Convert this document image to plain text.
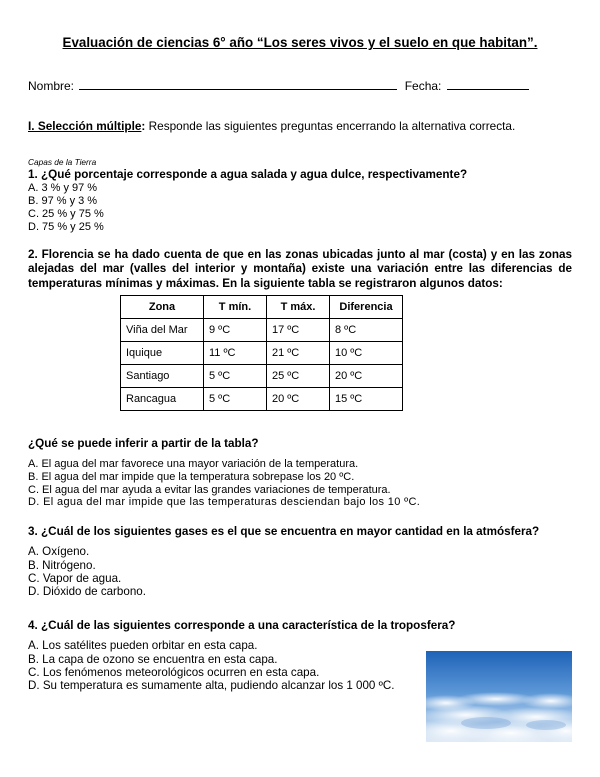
Evaluación de ciencias 6° año “Los seres vivos y el suelo en que habitan”.
Nombre:	Fecha:
I. Selección múltiple: Responde las siguientes preguntas encerrando la alternativa correcta.
Capas de la Tierra
1. ¿Qué porcentaje corresponde a agua salada y agua dulce, respectivamente?
A. 3 % y 97 %
B. 97 % y 3 %
C. 25 % y 75 %
D. 75 % y 25 %
2. Florencia se ha dado cuenta de que en las zonas ubicadas junto al mar (costa) y en las zonas alejadas del mar (valles del interior y montaña) existe una variación entre las diferencias de temperaturas mínimas y máximas. En la siguiente tabla se registraron algunos datos:
Zona	T mín.	T máx.	Diferencia
Viña del Mar	9 ºC	17 ºC	8 ºC
Iquique	11 ºC	21 ºC	10 ºC
Santiago	5 ºC	25 ºC	20 ºC
Rancagua	5 ºC	20 ºC	15 ºC
¿Qué se puede inferir a partir de la tabla?
A. El agua del mar favorece una mayor variación de la temperatura.
B. El agua del mar impide que la temperatura sobrepase los 20 ºC.
C. El agua del mar ayuda a evitar las grandes variaciones de temperatura.
D. El agua del mar impide que las temperaturas desciendan bajo los 10 ºC.
3. ¿Cuál de los siguientes gases es el que se encuentra en mayor cantidad en la atmósfera?
A. Oxígeno.
B. Nitrógeno.
C. Vapor de agua.
D. Dióxido de carbono.
4. ¿Cuál de las siguientes corresponde a una característica de la troposfera?
A. Los satélites pueden orbitar en esta capa.
B. La capa de ozono se encuentra en esta capa.
C. Los fenómenos meteorológicos ocurren en esta capa.
D. Su temperatura es sumamente alta, pudiendo alcanzar los 1 000 ºC.
